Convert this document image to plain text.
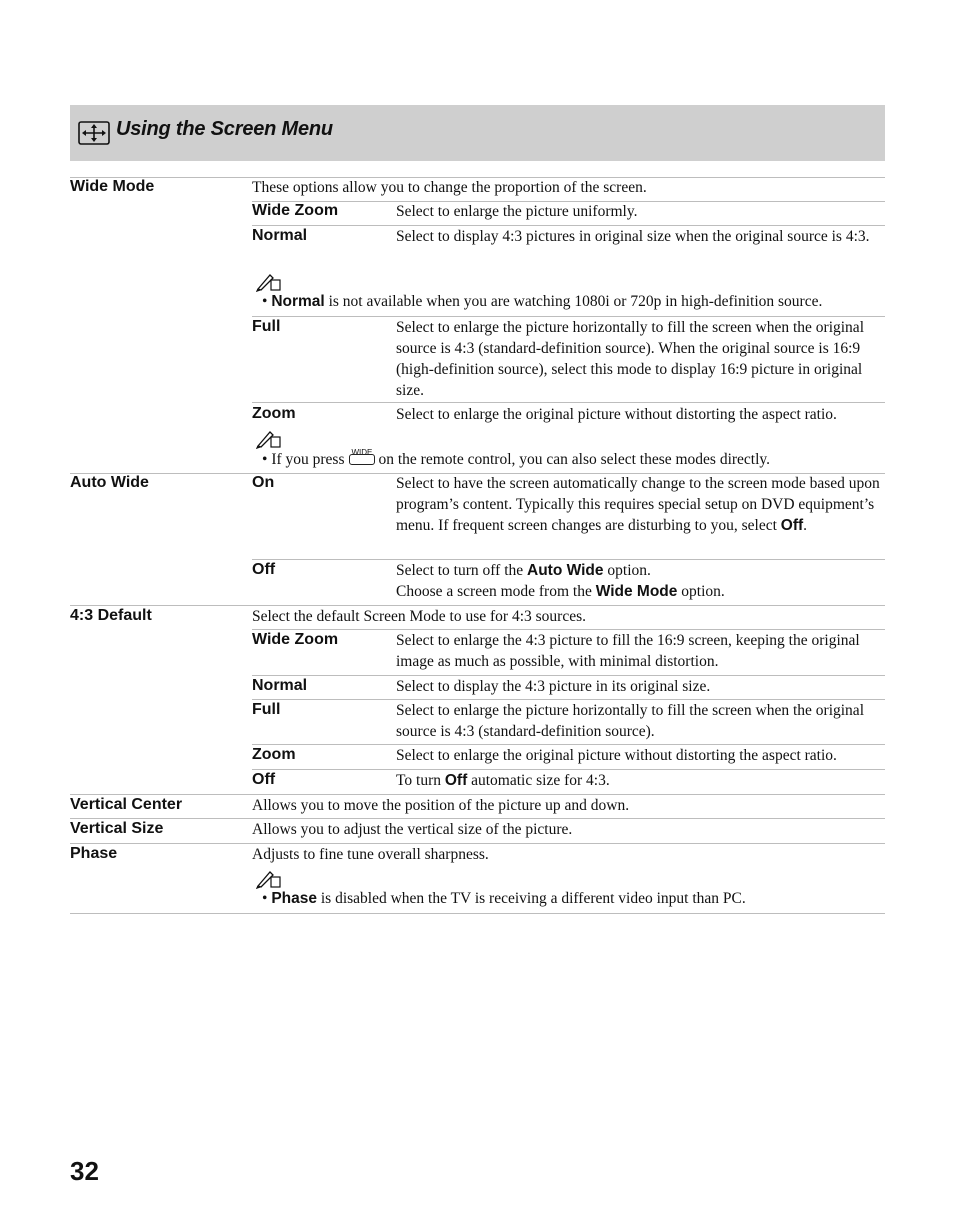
Using the Screen Menu
Wide Mode	These options allow you to change the proportion of the screen.
Wide Zoom	Select to enlarge the picture uniformly.
Normal	Select to display 4:3 pictures in original size when the original source is 4:3.
• Normal is not available when you are watching 1080i or 720p in high-definition source.
Full	Select to enlarge the picture horizontally to fill the screen when the original source is 4:3 (standard-definition source). When the original source is 16:9 (high-definition source), select this mode to display 16:9 picture in original size.
Zoom	Select to enlarge the original picture without distorting the aspect ratio.
• If you press WIDE on the remote control, you can also select these modes directly.
Auto Wide	On	Select to have the screen automatically change to the screen mode based upon program’s content. Typically this requires special setup on DVD equipment’s menu. If frequent screen changes are disturbing to you, select Off.
Off	Select to turn off the Auto Wide option.
Choose a screen mode from the Wide Mode option.
4:3 Default	Select the default Screen Mode to use for 4:3 sources.
Wide Zoom	Select to enlarge the 4:3 picture to fill the 16:9 screen, keeping the original image as much as possible, with minimal distortion.
Normal	Select to display the 4:3 picture in its original size.
Full	Select to enlarge the picture horizontally to fill the screen when the original source is 4:3 (standard-definition source).
Zoom	Select to enlarge the original picture without distorting the aspect ratio.
Off	To turn Off automatic size for 4:3.
Vertical Center	Allows you to move the position of the picture up and down.
Vertical Size	Allows you to adjust the vertical size of the picture.
Phase	Adjusts to fine tune overall sharpness.
• Phase is disabled when the TV is receiving a different video input than PC.
32
